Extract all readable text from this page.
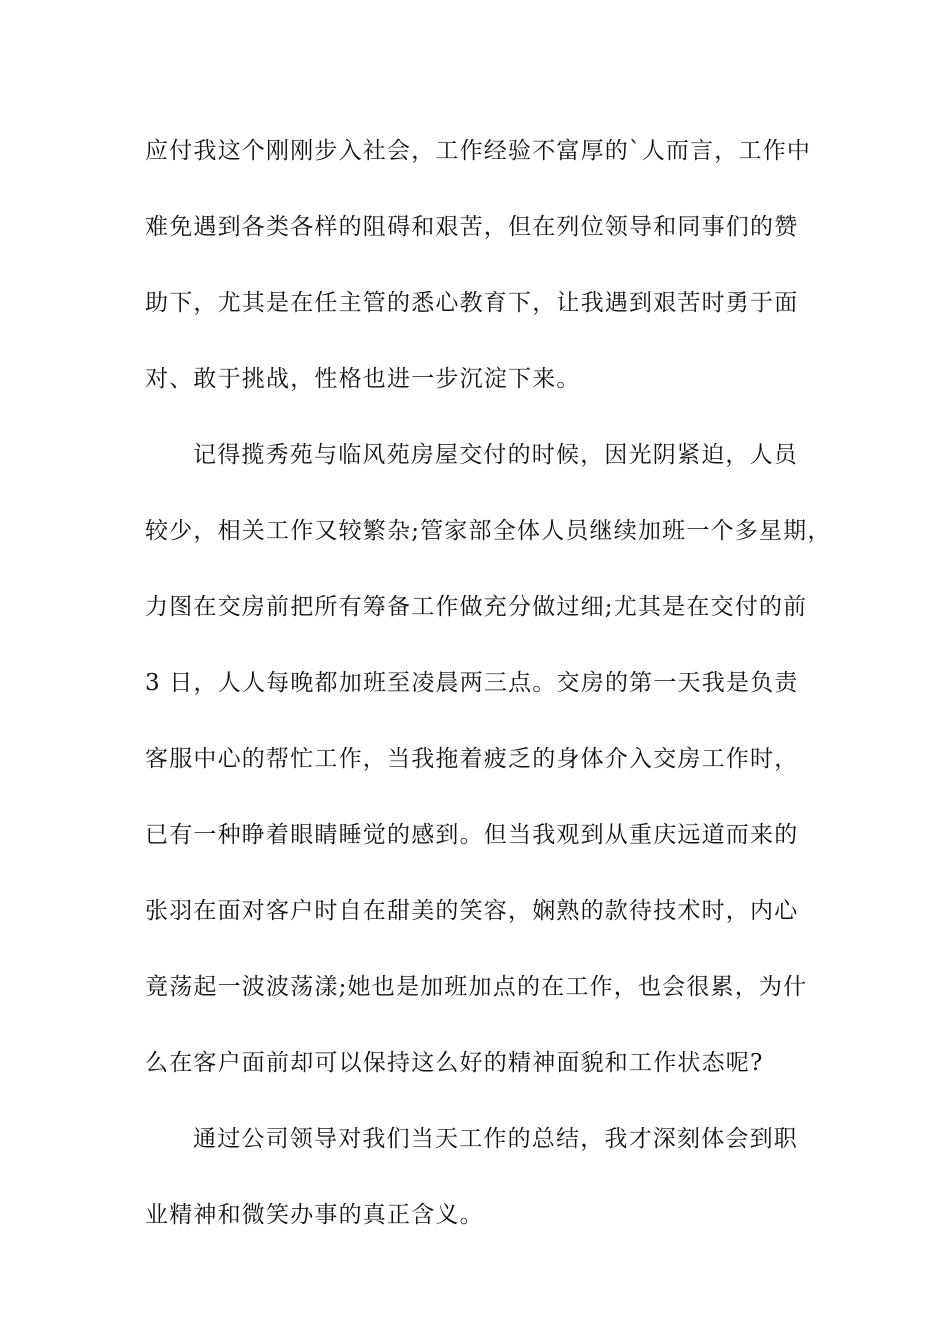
应付我这个刚刚步入社会，工作经验不富厚的`人而言，工作中
难免遇到各类各样的阻碍和艰苦，但在列位领导和同事们的赞
助下，尤其是在任主管的悉心教育下，让我遇到艰苦时勇于面
对、敢于挑战，性格也进一步沉淀下来。
记得揽秀苑与临风苑房屋交付的时候，因光阴紧迫，人员
较少，相关工作又较繁杂;管家部全体人员继续加班一个多星期，
力图在交房前把所有筹备工作做充分做过细;尤其是在交付的前
3 日，人人每晚都加班至凌晨两三点。交房的第一天我是负责
客服中心的帮忙工作，当我拖着疲乏的身体介入交房工作时，
已有一种睁着眼睛睡觉的感到。但当我观到从重庆远道而来的
张羽在面对客户时自在甜美的笑容，娴熟的款待技术时，内心
竟荡起一波波荡漾;她也是加班加点的在工作，也会很累，为什
么在客户面前却可以保持这么好的精神面貌和工作状态呢?
通过公司领导对我们当天工作的总结，我才深刻体会到职
业精神和微笑办事的真正含义。
